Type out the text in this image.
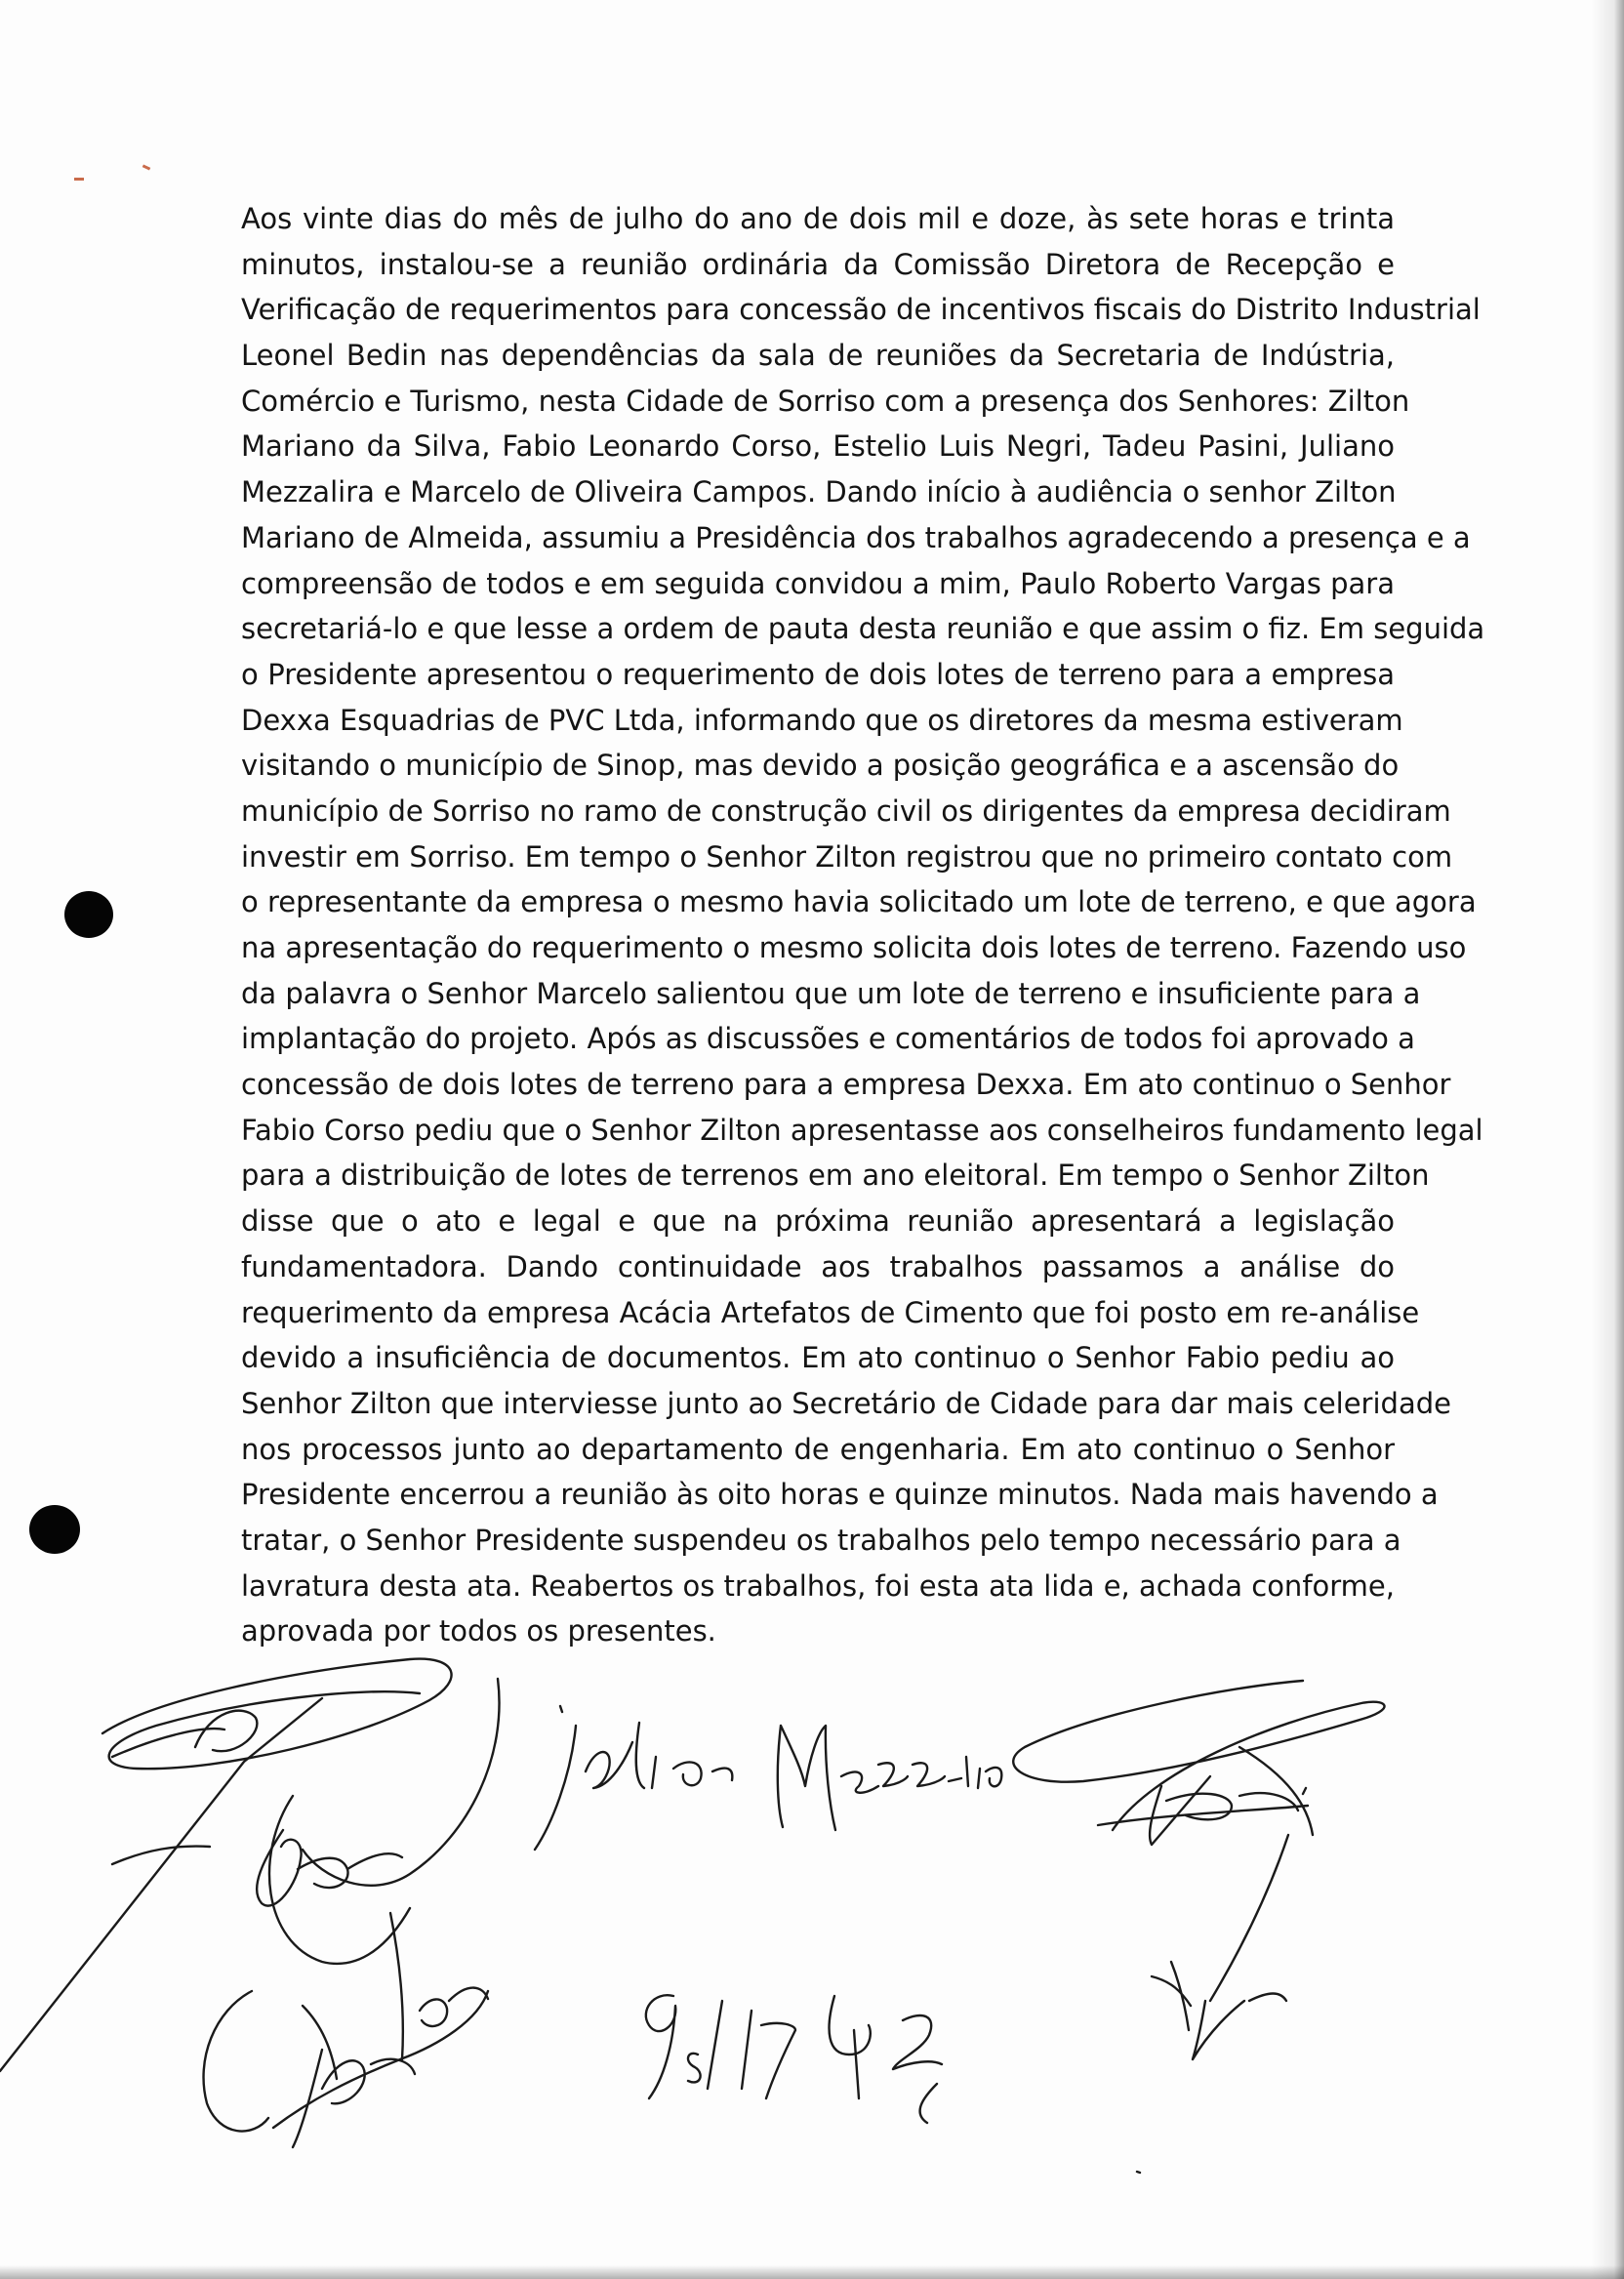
Aos vinte dias do mês de julho do ano de dois mil e doze, às sete horas e trinta
minutos, instalou-se a reunião ordinária da Comissão Diretora de Recepção e
Verificação de requerimentos para concessão de incentivos fiscais do Distrito Industrial
Leonel Bedin nas dependências da sala de reuniões da Secretaria de Indústria,
Comércio e Turismo, nesta Cidade de Sorriso com a presença dos Senhores: Zilton
Mariano da Silva, Fabio Leonardo Corso, Estelio Luis Negri, Tadeu Pasini, Juliano
Mezzalira e Marcelo de Oliveira Campos. Dando início à audiência o senhor Zilton
Mariano de Almeida, assumiu a Presidência dos trabalhos agradecendo a presença e a
compreensão de todos e em seguida convidou a mim, Paulo Roberto Vargas para
secretariá-lo e que lesse a ordem de pauta desta reunião e que assim o fiz. Em seguida
o Presidente apresentou o requerimento de dois lotes de terreno para a empresa
Dexxa Esquadrias de PVC Ltda, informando que os diretores da mesma estiveram
visitando o município de Sinop, mas devido a posição geográfica e a ascensão do
município de Sorriso no ramo de construção civil os dirigentes da empresa decidiram
investir em Sorriso. Em tempo o Senhor Zilton registrou que no primeiro contato com
o representante da empresa o mesmo havia solicitado um lote de terreno, e que agora
na apresentação do requerimento o mesmo solicita dois lotes de terreno. Fazendo uso
da palavra o Senhor Marcelo salientou que um lote de terreno e insuficiente para a
implantação do projeto. Após as discussões e comentários de todos foi aprovado a
concessão de dois lotes de terreno para a empresa Dexxa. Em ato continuo o Senhor
Fabio Corso pediu que o Senhor Zilton apresentasse aos conselheiros fundamento legal
para a distribuição de lotes de terrenos em ano eleitoral. Em tempo o Senhor Zilton
disse que o ato e legal e que na próxima reunião apresentará a legislação
fundamentadora. Dando continuidade aos trabalhos passamos a análise do
requerimento da empresa Acácia Artefatos de Cimento que foi posto em re-análise
devido a insuficiência de documentos. Em ato continuo o Senhor Fabio pediu ao
Senhor Zilton que interviesse junto ao Secretário de Cidade para dar mais celeridade
nos processos junto ao departamento de engenharia. Em ato continuo o Senhor
Presidente encerrou a reunião às oito horas e quinze minutos. Nada mais havendo a
tratar, o Senhor Presidente suspendeu os trabalhos pelo tempo necessário para a
lavratura desta ata. Reabertos os trabalhos, foi esta ata lida e, achada conforme,
aprovada por todos os presentes.
julio Mezzalira
